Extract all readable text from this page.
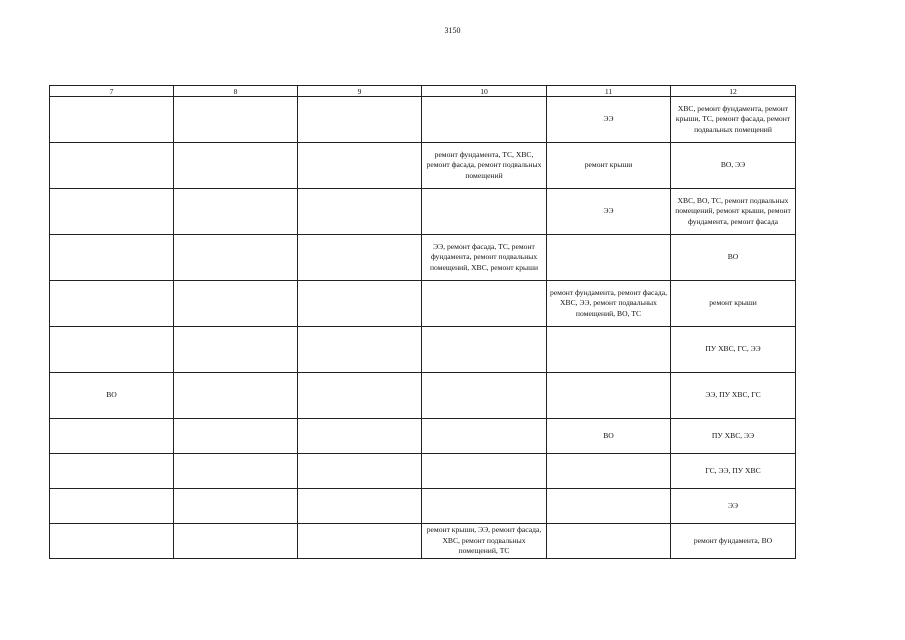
3150
7	8	9	10	11	12
				ЭЭ	ХВС, ремонт фундамента, ремонт крыши, ТС, ремонт фасада, ремонт подвальных помещений
			ремонт фундамента, ТС, ХВС, ремонт фасада, ремонт подвальных помещений	ремонт крыши	ВО, ЭЭ
				ЭЭ	ХВС, ВО, ТС, ремонт подвальных помещений, ремонт крыши, ремонт фундамента, ремонт фасада
			ЭЭ, ремонт фасада, ТС, ремонт фундамента, ремонт подвальных помещений, ХВС, ремонт крыши		ВО
				ремонт фундамента, ремонт фасада, ХВС, ЭЭ, ремонт подвальных помещений, ВО, ТС	ремонт крыши
					ПУ ХВС, ГС, ЭЭ
ВО					ЭЭ, ПУ ХВС, ГС
				ВО	ПУ ХВС, ЭЭ
					ГС, ЭЭ, ПУ ХВС
					ЭЭ
			ремонт крыши, ЭЭ, ремонт фасада, ХВС, ремонт подвальных помещений, ТС		ремонт фундамента, ВО
